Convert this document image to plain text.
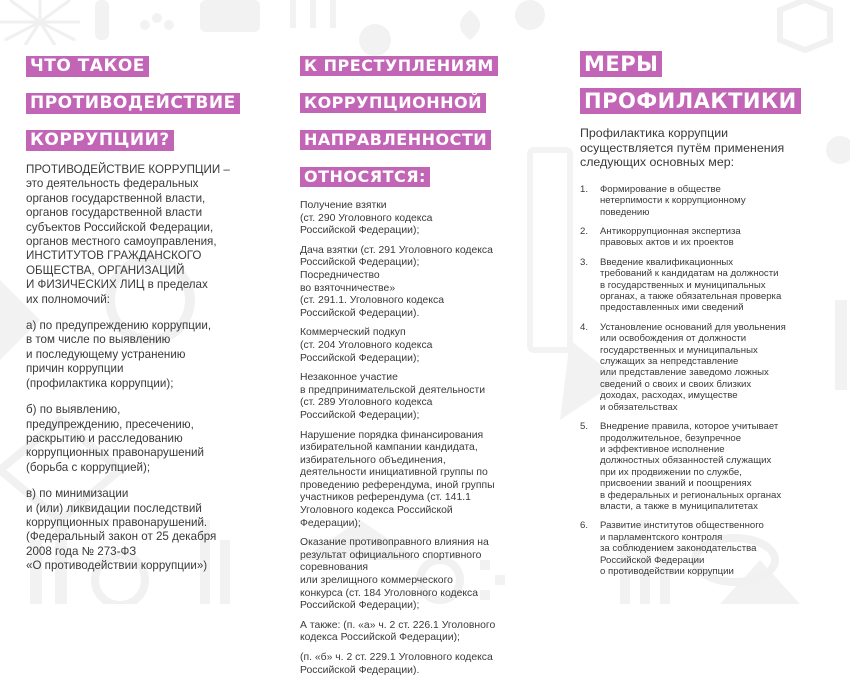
ЧТО ТАКОЕ
ПРОТИВОДЕЙСТВИЕ
КОРРУПЦИИ?

ПРОТИВОДЕЙСТВИЕ КОРРУПЦИИ –
это деятельность федеральных
органов государственной власти,
органов государственной власти
субъектов Российской Федерации,
органов местного самоуправления,
ИНСТИТУТОВ ГРАЖДАНСКОГО
ОБЩЕСТВА, ОРГАНИЗАЦИЙ
И ФИЗИЧЕСКИХ ЛИЦ в пределах
их полномочий:

а) по предупреждению коррупции,
в том числе по выявлению
и последующему устранению
причин коррупции
(профилактика коррупции);

б) по выявлению,
предупреждению, пресечению,
раскрытию и расследованию
коррупционных правонарушений
(борьба с коррупцией);

в) по минимизации
и (или) ликвидации последствий
коррупционных правонарушений.
(Федеральный закон от 25 декабря
2008 года № 273-ФЗ
«О противодействии коррупции»)

К ПРЕСТУПЛЕНИЯМ
КОРРУПЦИОННОЙ
НАПРАВЛЕННОСТИ
ОТНОСЯТСЯ:

Получение взятки
(ст. 290 Уголовного кодекса
Российской Федерации);

Дача взятки (ст. 291 Уголовного кодекса
Российской Федерации);
Посредничество
во взяточничестве»
(ст. 291.1. Уголовного кодекса
Российской Федерации).

Коммерческий подкуп
(ст. 204 Уголовного кодекса
Российской Федерации);

Незаконное участие
в предпринимательской деятельности
(ст. 289 Уголовного кодекса
Российской Федерации);

Нарушение порядка финансирования
избирательной кампании кандидата,
избирательного объединения,
деятельности инициативной группы по
проведению референдума, иной группы
участников референдума (ст. 141.1
Уголовного кодекса Российской
Федерации);

Оказание противоправного влияния на
результат официального спортивного
соревнования
или зрелищного коммерческого
конкурса (ст. 184 Уголовного кодекса
Российской Федерации);

А также: (п. «а» ч. 2 ст. 226.1 Уголовного
кодекса Российской Федерации);

(п. «б» ч. 2 ст. 229.1 Уголовного кодекса
Российской Федерации).

МЕРЫ
ПРОФИЛАКТИКИ

Профилактика коррупции
осуществляется путём применения
следующих основных мер:

1.	Формирование в обществе
нетерпимости к коррупционному
поведению
2.	Антикоррупционная экспертиза
правовых актов и их проектов
3.	Введение квалификационных
требований к кандидатам на должности
в государственных и муниципальных
органах, а также обязательная проверка
предоставленных ими сведений
4.	Установление оснований для увольнения
или освобождения от должности
государственных и муниципальных
служащих за непредставление
или представление заведомо ложных
сведений о своих и своих близких
доходах, расходах, имуществе
и обязательствах
5.	Внедрение правила, которое учитывает
продолжительное, безупречное
и эффективное исполнение
должностных обязанностей служащих
при их продвижении по службе,
присвоении званий и поощрениях
в федеральных и региональных органах
власти, а также в муниципалитетах
6.	Развитие институтов общественного
и парламентского контроля
за соблюдением законодательства
Российской Федерации
о противодействии коррупции
